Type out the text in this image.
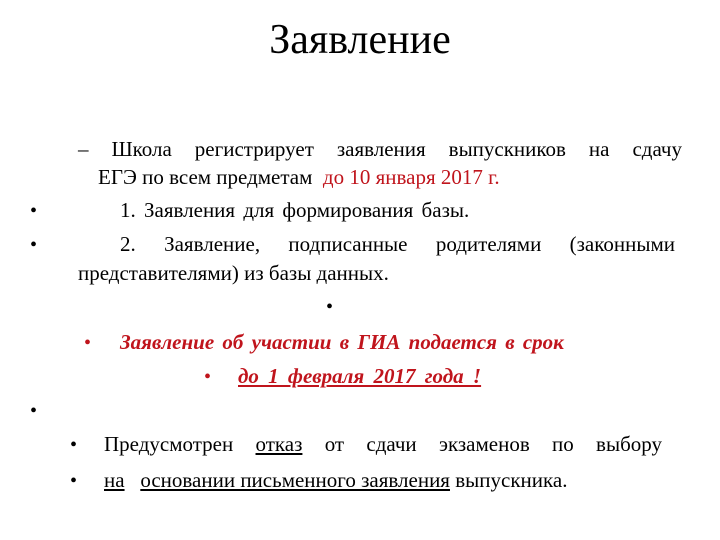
Заявление
– Школа регистрирует заявления выпускников на сдачу
ЕГЭ по всем предметам до 10 января 2017 г.
•	1. Заявления для формирования базы.
•	2. Заявление, подписанные родителями (законными
представителями) из базы данных.
•
• Заявление об участии в ГИА подается в срок
• до 1 февраля 2017 года !
•
• Предусмотрен отказ от сдачи экзаменов по выбору
• на основании письменного заявления выпускника.
